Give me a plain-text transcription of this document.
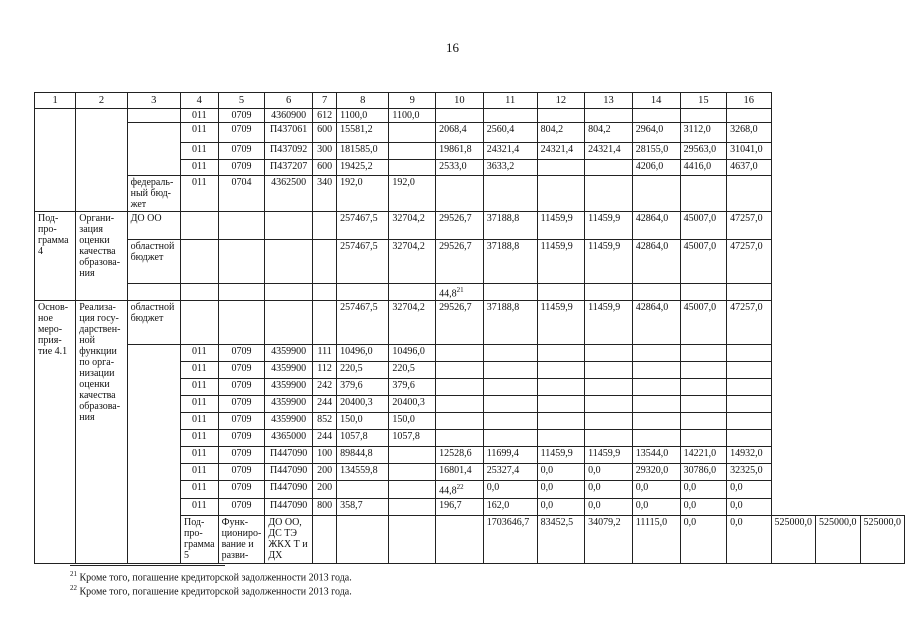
16
1	2	3	4	5	6	7	8	9	10	11	12	13	14	15	16			
			011	0709	4360900	612	1100,0	1100,0										
			011	0709	П437061	600	15581,2		2068,4	2560,4	804,2	804,2	2964,0	3112,0	3268,0			
			011	0709	П437092	300	181585,0		19861,8	24321,4	24321,4	24321,4	28155,0	29563,0	31041,0			
			011	0709	П437207	600	19425,2		2533,0	3633,2			4206,0	4416,0	4637,0			
		федеральный бюджет	011	0704	4362500	340	192,0	192,0										
Подпрограмма 4	Организация оценки качества образования	ДО ОО					257467,5	32704,2	29526,7	37188,8	11459,9	11459,9	42864,0	45007,0	47257,0			
		областной бюджет					257467,5	32704,2	29526,7	37188,8	11459,9	11459,9	42864,0	45007,0	47257,0			
									44,8$^{21}$						
Основное мероприятие 4.1	Реализация государственной функции по организации оценки качества образования	областной бюджет					257467,5	32704,2	29526,7	37188,8	11459,9	11459,9	42864,0	45007,0	47257,0			
			011	0709	4359900	111	10496,0	10496,0										
			011	0709	4359900	112	220,5	220,5										
			011	0709	4359900	242	379,6	379,6										
			011	0709	4359900	244	20400,3	20400,3										
			011	0709	4359900	852	150,0	150,0										
			011	0709	4365000	244	1057,8	1057,8										
			011	0709	П447090	100	89844,8		12528,6	11699,4	11459,9	11459,9	13544,0	14221,0	14932,0			
			011	0709	П447090	200	134559,8		16801,4	25327,4	0,0	0,0	29320,0	30786,0	32325,0			
			011	0709	П447090	200			44,8$^{22}$	0,0	0,0	0,0	0,0	0,0	0,0			
			011	0709	П447090	800	358,7		196,7	162,0	0,0	0,0	0,0	0,0	0,0			
			Подпрограмма 5	Функционирование и разви-	ДО ОО, ДС ТЭ ЖКХ Т и ДХ					1703646,7	83452,5	34079,2	11115,0	0,0	0,0	525000,0	525000,0	525000,0
$^{21}$ Кроме того, погашение кредиторской задолженности 2013 года.
$^{22}$ Кроме того, погашение кредиторской задолженности 2013 года.
